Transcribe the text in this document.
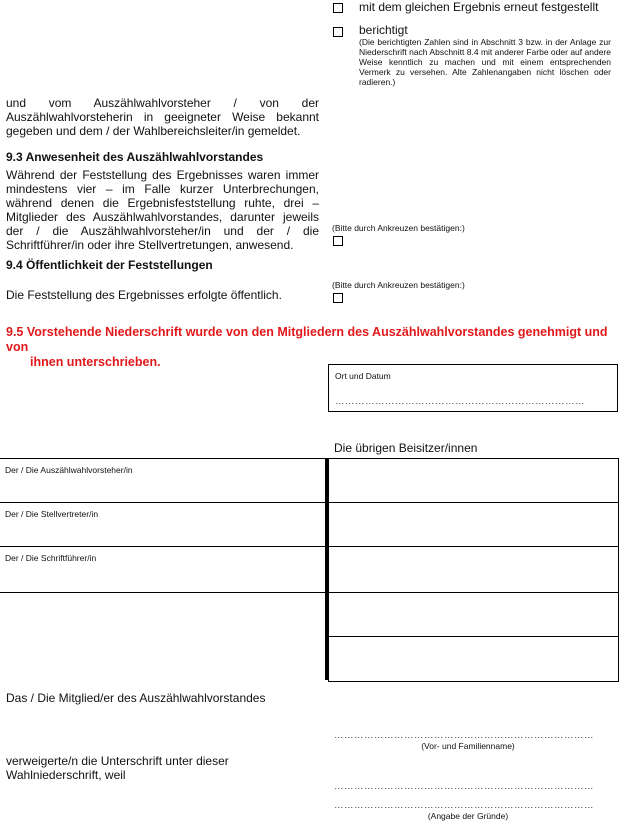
mit dem gleichen Ergebnis erneut festgestellt
berichtigt
(Die berichtigten Zahlen sind in Abschnitt 3 bzw. in der Anlage zur Niederschrift nach Abschnitt 8.4 mit anderer Farbe oder auf andere Weise kenntlich zu machen und mit einem entsprechenden Vermerk zu versehen. Alte Zahlenangaben nicht löschen oder radieren.)
und vom Auszählwahlvorsteher / von der Auszählwahlvorsteherin in geeigneter Weise bekannt gegeben und dem / der Wahlbereichsleiter/in gemeldet.
9.3 Anwesenheit des Auszählwahlvorstandes
Während der Feststellung des Ergebnisses waren immer mindestens vier – im Falle kurzer Unterbrechungen, während denen die Ergebnisfeststellung ruhte, drei – Mitglieder des Auszählwahlvorstandes, darunter jeweils der / die Auszählwahlvorsteher/in und der / die Schriftführer/in oder ihre Stellvertretungen, anwesend.
(Bitte durch Ankreuzen bestätigen:)
9.4 Öffentlichkeit der Feststellungen
Die Feststellung des Ergebnisses erfolgte öffentlich.
(Bitte durch Ankreuzen bestätigen:)
9.5 Vorstehende Niederschrift wurde von den Mitgliedern des Auszählwahlvorstandes genehmigt und von
ihnen unterschrieben.
Ort und Datum
…………………………………………………………………
Die übrigen Beisitzer/innen
Der / Die Auszählwahlvorsteher/in
Der / Die Stellvertreter/in
Der / Die Schriftführer/in
Das / Die Mitglied/er des Auszählwahlvorstandes
……………………………………………………………………
(Vor- und Familienname)
verweigerte/n die Unterschrift unter dieser Wahlniederschrift, weil
……………………………………………………………………
……………………………………………………………………
(Angabe der Gründe)
